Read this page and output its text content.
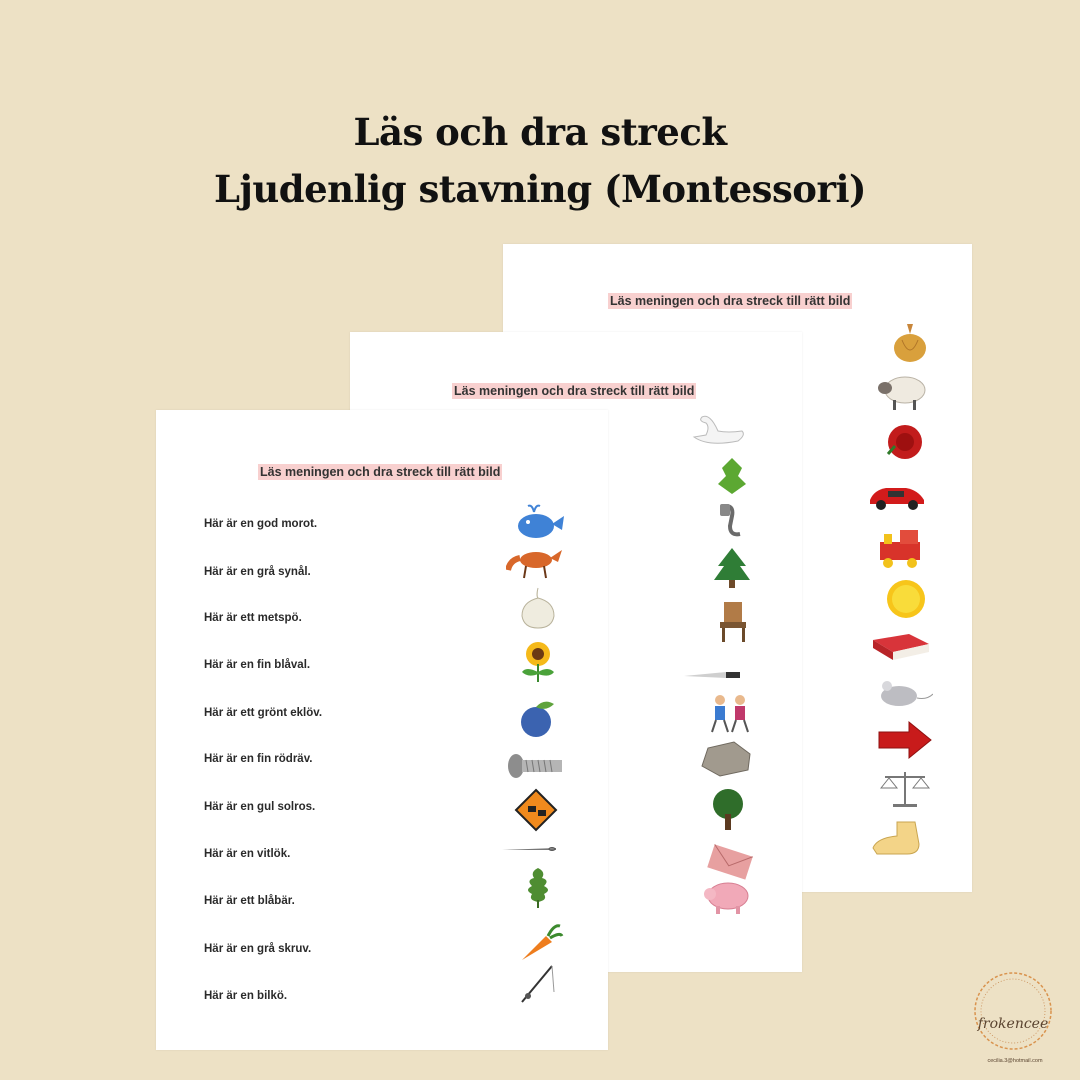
Läs och dra streck
Ljudenlig stavning (Montessori)
Läs meningen och dra streck till rätt bild
Läs meningen och dra streck till rätt bild
Läs meningen och dra streck till rätt bild
Här är en god morot.
Här är en grå synål.
Här är ett metspö.
Här är en fin blåval.
Här är ett grönt eklöv.
Här är en fin rödräv.
Här är en gul solros.
Här är en vitlök.
Här är ett blåbär.
Här är en grå skruv.
Här är en bilkö.
frokencee
cecilia.3@hotmail.com
